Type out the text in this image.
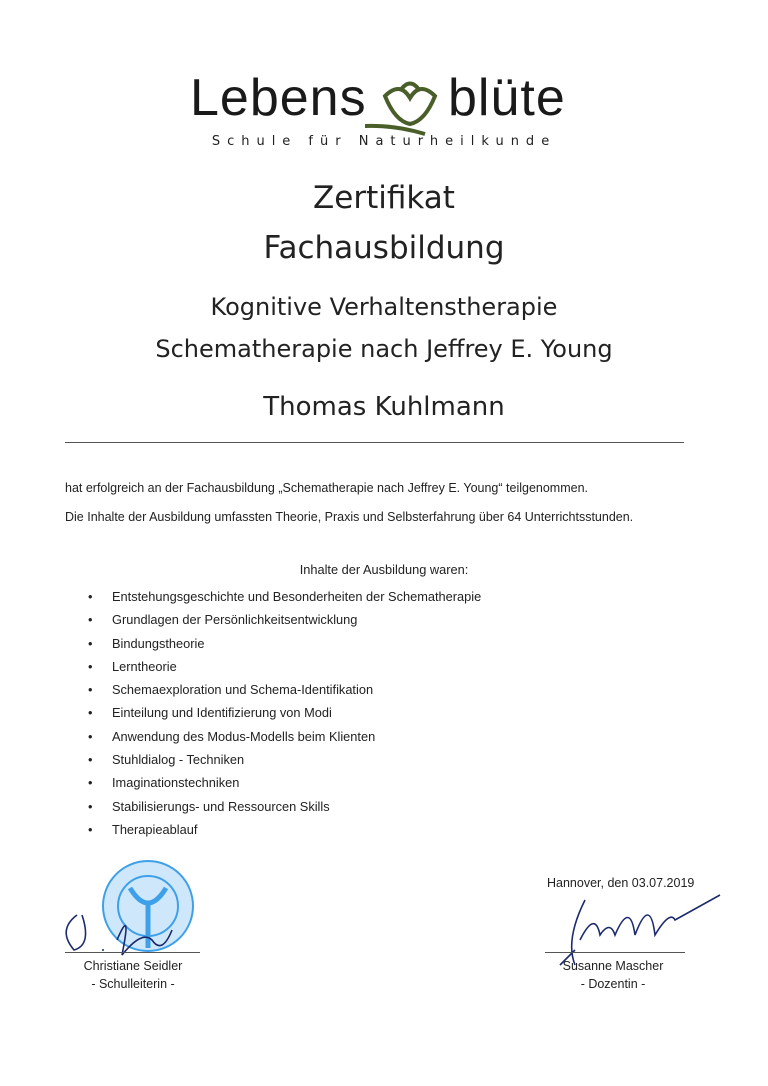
Lebens blüte
Schule für Naturheilkunde
Zertifikat
Fachausbildung
Kognitive Verhaltenstherapie
Schematherapie nach Jeffrey E. Young
Thomas Kuhlmann
hat erfolgreich an der Fachausbildung „Schematherapie nach Jeffrey E. Young“ teilgenommen.
Die Inhalte der Ausbildung umfassten Theorie, Praxis und Selbsterfahrung über 64 Unterrichtsstunden.
Inhalte der Ausbildung waren:
•	Entstehungsgeschichte und Besonderheiten der Schematherapie
•	Grundlagen der Persönlichkeitsentwicklung
•	Bindungstheorie
•	Lerntheorie
•	Schemaexploration und Schema-Identifikation
•	Einteilung und Identifizierung von Modi
•	Anwendung des Modus-Modells beim Klienten
•	Stuhldialog - Techniken
•	Imaginationstechniken
•	Stabilisierungs- und Ressourcen Skills
•	Therapieablauf
Christiane Seidler
- Schulleiterin -
Hannover, den 03.07.2019
Susanne Mascher
- Dozentin -
